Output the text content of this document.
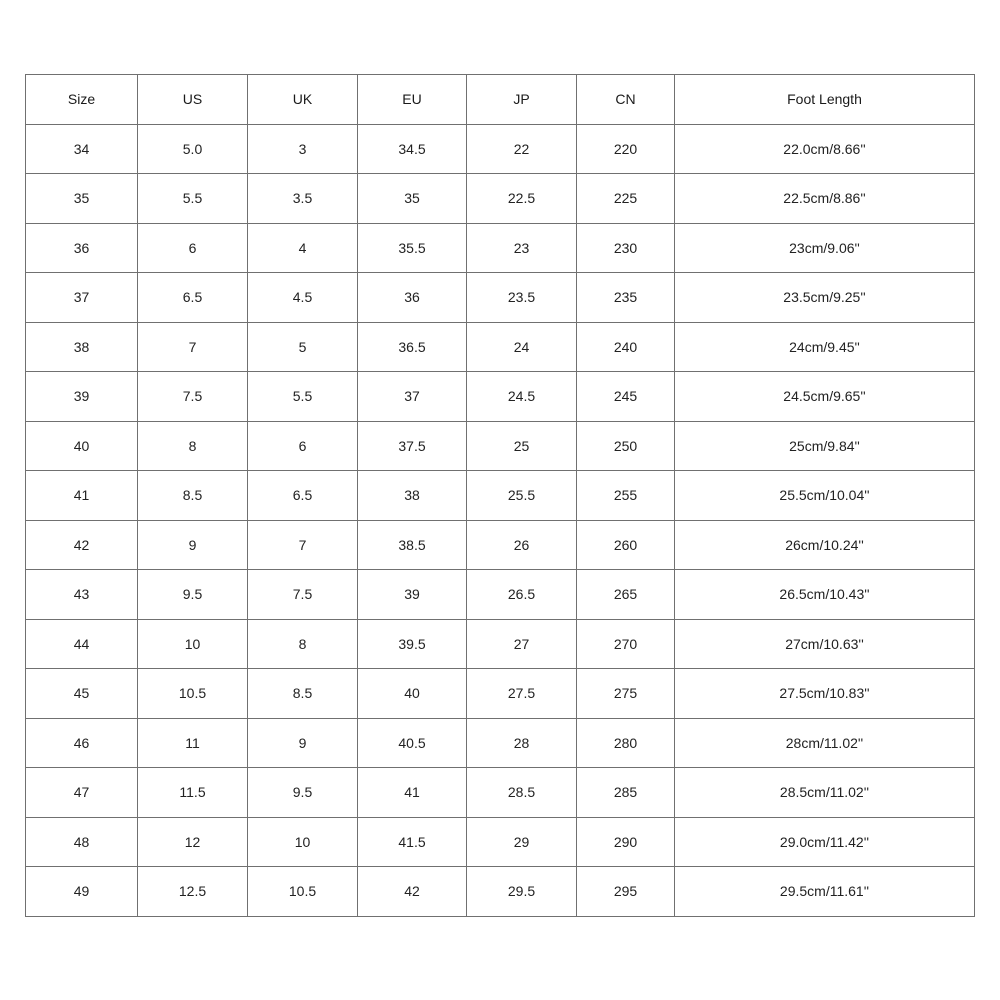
Size	US	UK	EU	JP	CN	Foot Length
34	5.0	3	34.5	22	220	22.0cm/8.66''
35	5.5	3.5	35	22.5	225	22.5cm/8.86''
36	6	4	35.5	23	230	23cm/9.06''
37	6.5	4.5	36	23.5	235	23.5cm/9.25''
38	7	5	36.5	24	240	24cm/9.45''
39	7.5	5.5	37	24.5	245	24.5cm/9.65''
40	8	6	37.5	25	250	25cm/9.84''
41	8.5	6.5	38	25.5	255	25.5cm/10.04''
42	9	7	38.5	26	260	26cm/10.24''
43	9.5	7.5	39	26.5	265	26.5cm/10.43''
44	10	8	39.5	27	270	27cm/10.63''
45	10.5	8.5	40	27.5	275	27.5cm/10.83''
46	11	9	40.5	28	280	28cm/11.02''
47	11.5	9.5	41	28.5	285	28.5cm/11.02''
48	12	10	41.5	29	290	29.0cm/11.42''
49	12.5	10.5	42	29.5	295	29.5cm/11.61''
